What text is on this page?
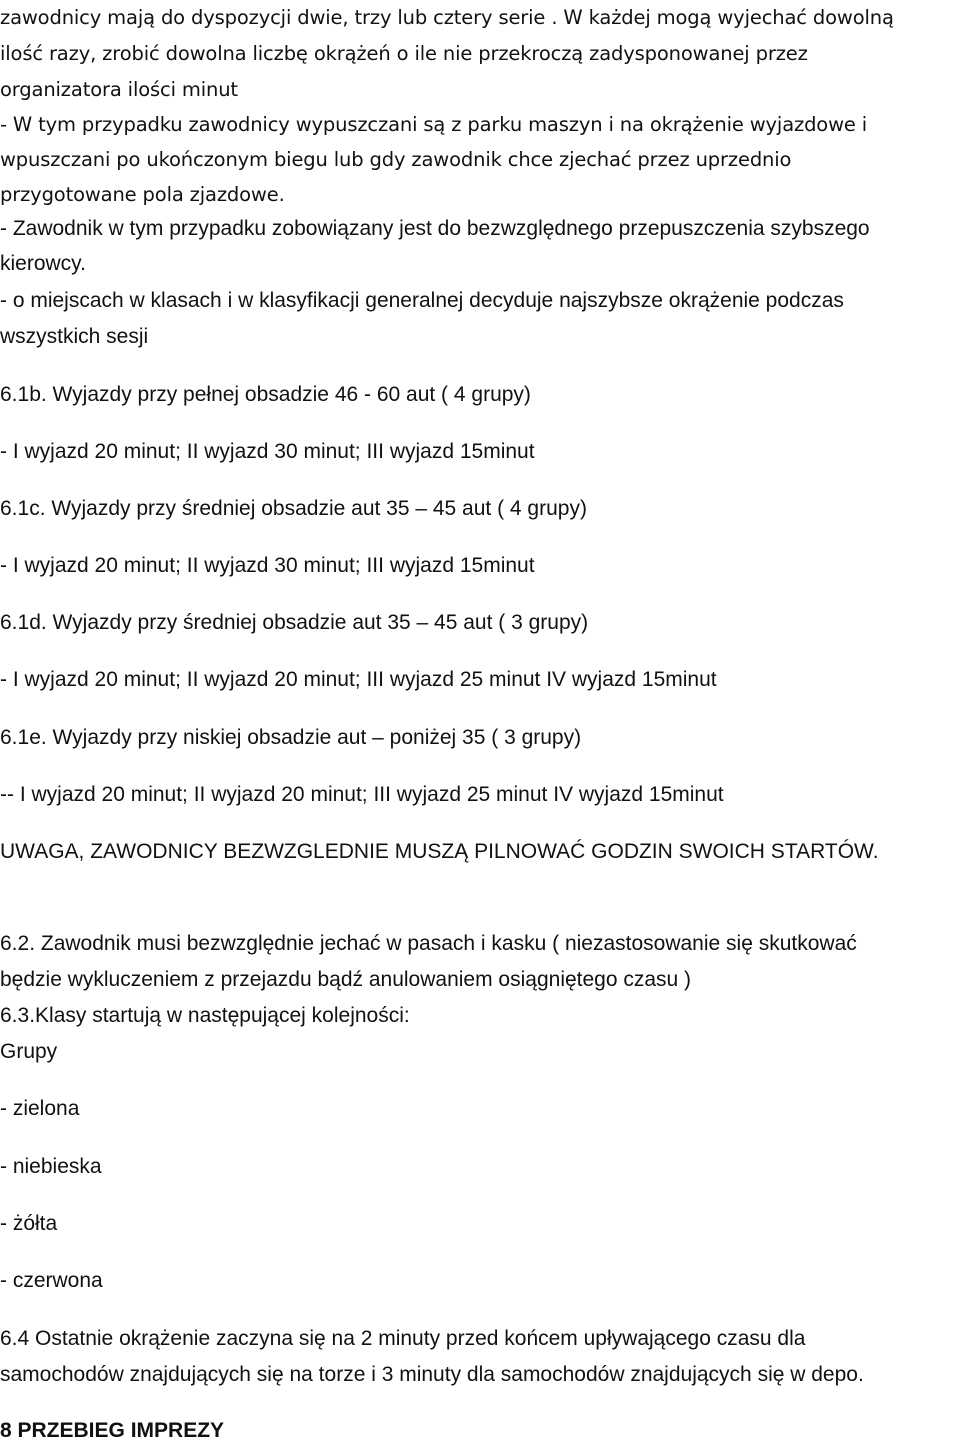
zawodnicy mają do dyspozycji dwie, trzy lub cztery serie . W każdej mogą wyjechać dowolną

ilość razy, zrobić dowolna liczbę okrążeń o ile nie przekroczą zadysponowanej przez

organizatora ilości minut

- W tym przypadku zawodnicy wypuszczani są z parku maszyn i na okrążenie wyjazdowe i

wpuszczani po ukończonym biegu lub gdy zawodnik chce zjechać przez uprzednio

przygotowane pola zjazdowe.

- Zawodnik w tym przypadku zobowiązany jest do bezwzględnego przepuszczenia szybszego

kierowcy.

- o miejscach w klasach i w klasyfikacji generalnej decyduje najszybsze okrążenie podczas

wszystkich sesji

6.1b. Wyjazdy przy pełnej obsadzie 46 - 60 aut ( 4 grupy)

- I wyjazd 20 minut; II wyjazd 30 minut; III wyjazd 15minut

6.1c. Wyjazdy przy średniej obsadzie aut 35 – 45 aut ( 4 grupy)

- I wyjazd 20 minut; II wyjazd 30 minut; III wyjazd 15minut

6.1d. Wyjazdy przy średniej obsadzie aut 35 – 45 aut ( 3 grupy)

- I wyjazd 20 minut; II wyjazd 20 minut; III wyjazd 25 minut IV wyjazd 15minut

6.1e. Wyjazdy przy niskiej obsadzie aut – poniżej 35 ( 3 grupy)

-- I wyjazd 20 minut; II wyjazd 20 minut; III wyjazd 25 minut IV wyjazd 15minut

UWAGA, ZAWODNICY BEZWZGLEDNIE MUSZĄ PILNOWAĆ GODZIN SWOICH STARTÓW.

6.2. Zawodnik musi bezwzględnie jechać w pasach i kasku ( niezastosowanie się skutkować

będzie wykluczeniem z przejazdu bądź anulowaniem osiągniętego czasu )

6.3.Klasy startują w następującej kolejności:

Grupy

- zielona

- niebieska

- żółta

- czerwona

6.4 Ostatnie okrążenie zaczyna się na 2 minuty przed końcem upływającego czasu dla

samochodów znajdujących się na torze i 3 minuty dla samochodów znajdujących się w depo.

8 PRZEBIEG IMPREZY
